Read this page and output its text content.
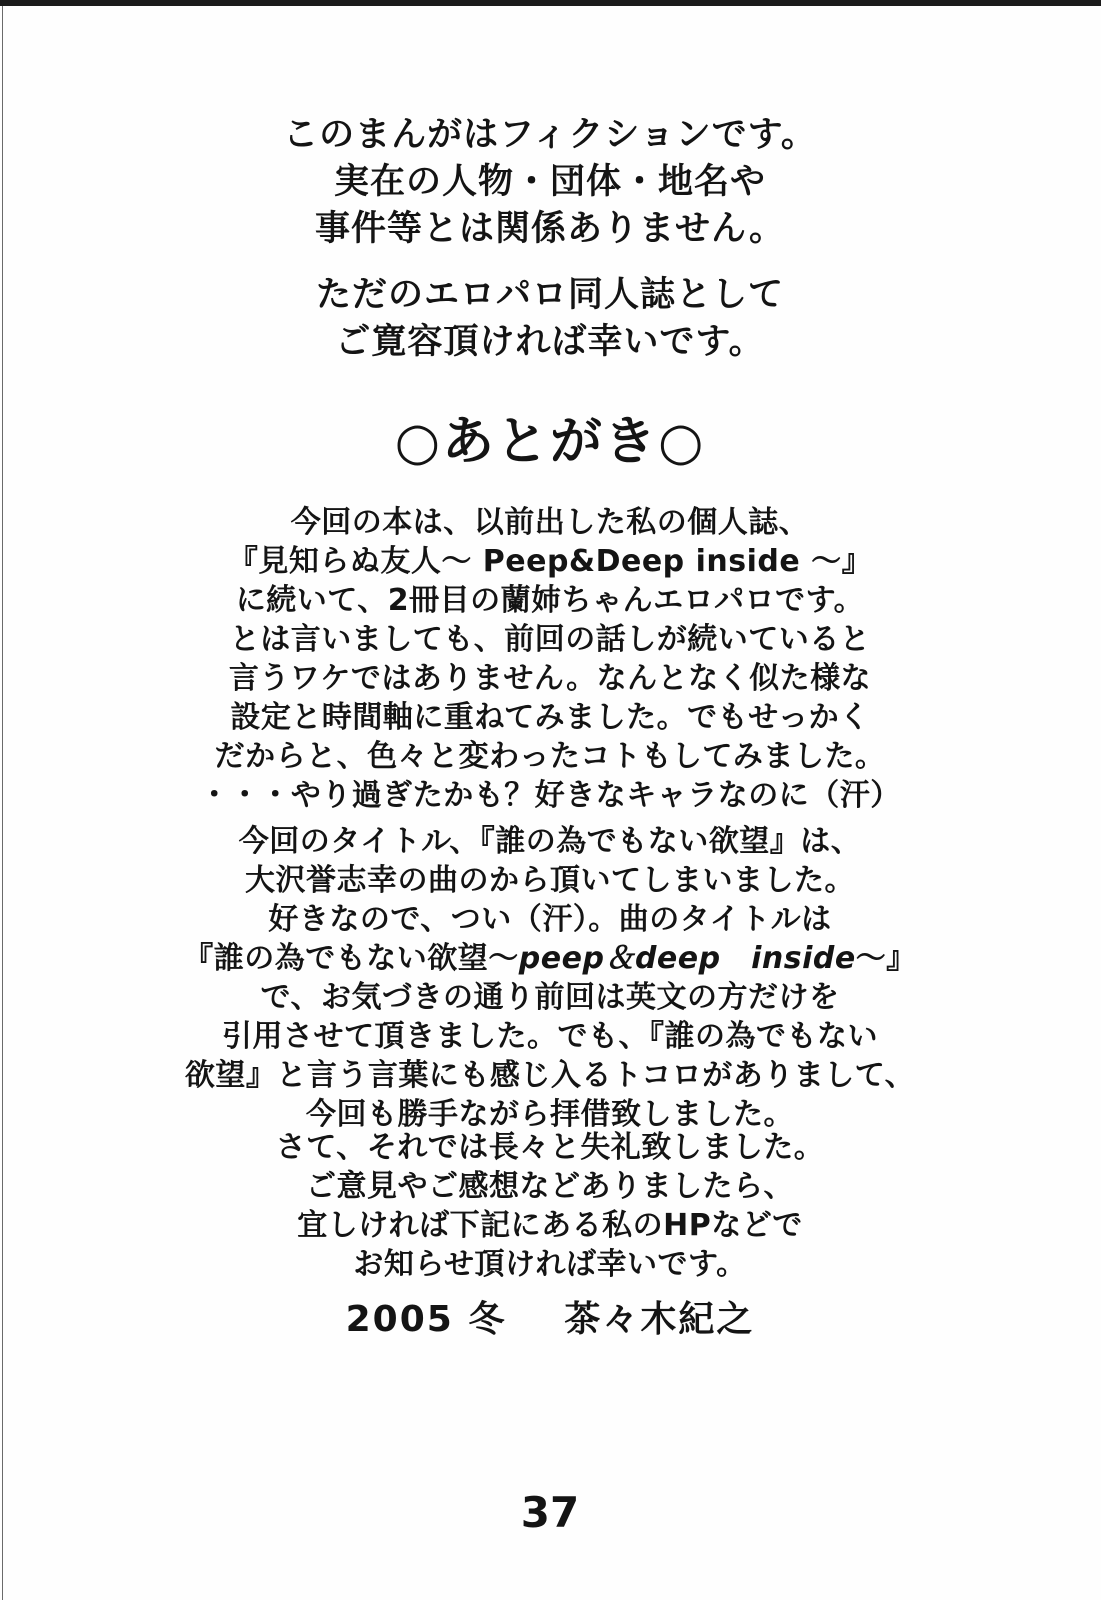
このまんがはフィクションです。

実在の人物・団体・地名や

事件等とは関係ありません。

ただのエロパロ同人誌として

ご寛容頂ければ幸いです。

○あとがき○

今回の本は、以前出した私の個人誌、

『見知らぬ友人～ Peep&Deep inside ～』

に続いて、2冊目の蘭姉ちゃんエロパロです。

とは言いましても、前回の話しが続いていると

言うワケではありません。なんとなく似た様な

設定と時間軸に重ねてみました。でもせっかく

だからと、色々と変わったコトもしてみました。

・・・やり過ぎたかも？好きなキャラなのに（汗）

今回のタイトル、『誰の為でもない欲望』は、

大沢誉志幸の曲のから頂いてしまいました。

好きなので、つい（汗）。曲のタイトルは

『誰の為でもない欲望～peep＆deep　inside～』

で、お気づきの通り前回は英文の方だけを

引用させて頂きました。でも、『誰の為でもない

欲望』と言う言葉にも感じ入るトコロがありまして、

今回も勝手ながら拝借致しました。

さて、それでは長々と失礼致しました。

ご意見やご感想などありましたら、

宜しければ下記にある私のHPなどで

お知らせ頂ければ幸いです。

2005 冬 茶々木紀之

37
